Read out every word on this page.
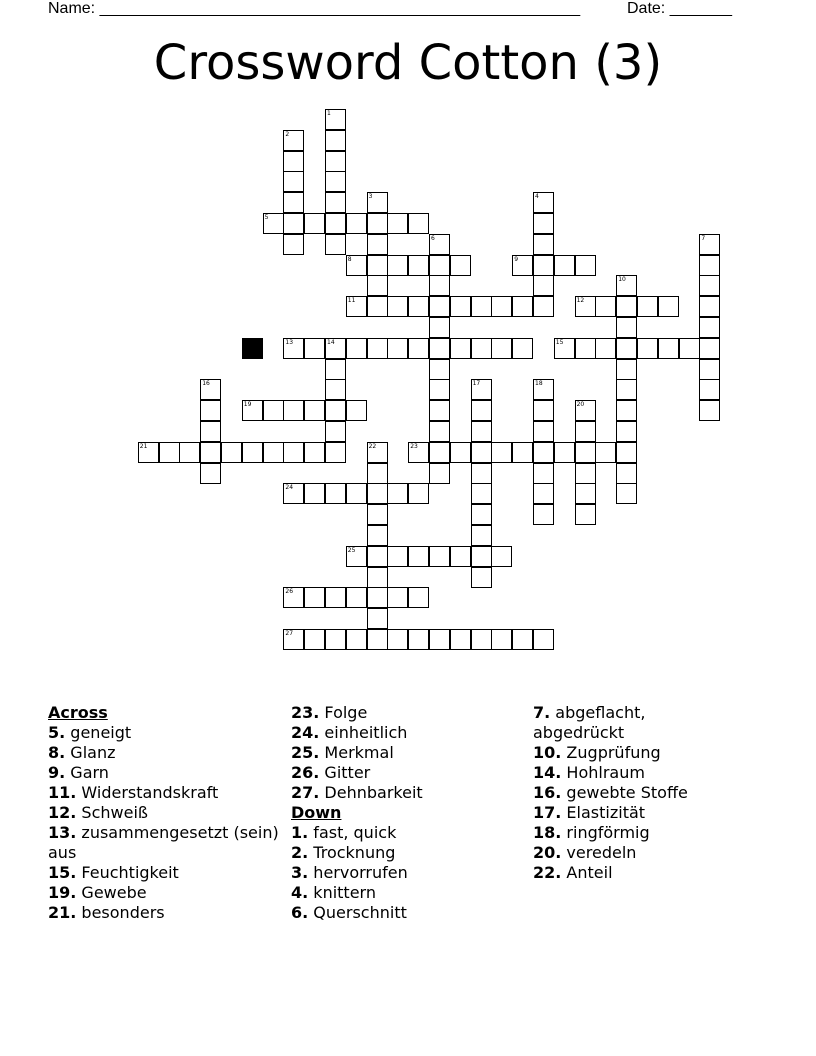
Name: ______________________________________________________	Date: _______
Crossword Cotton (3)
5
8	9
11	12
13	14	15
19
21	23
24
25
26
27
1
2
3	4
6	7
10
16	17	18
20
22
Across
5. geneigt
8. Glanz
9. Garn
11. Widerstandskraft
12. Schweiß
13. zusammengesetzt (sein) aus
15. Feuchtigkeit
19. Gewebe
21. besonders
23. Folge
24. einheitlich
25. Merkmal
26. Gitter
27. Dehnbarkeit
Down
1. fast, quick
2. Trocknung
3. hervorrufen
4. knittern
6. Querschnitt
7. abgeflacht, abgedrückt
10. Zugprüfung
14. Hohlraum
16. gewebte Stoffe
17. Elastizität
18. ringförmig
20. veredeln
22. Anteil
